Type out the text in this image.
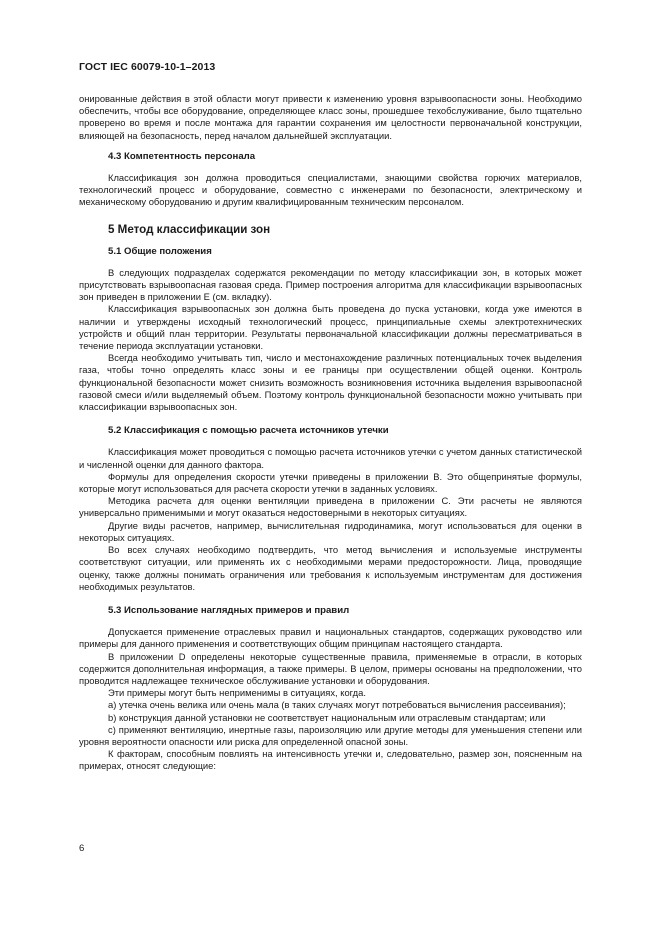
ГОСТ IEC 60079-10-1–2013

онированные действия в этой области могут привести к изменению уровня взрывоопасности зоны. Необходимо обеспечить, чтобы все оборудование, определяющее класс зоны, прошедшее техобслуживание, было тщательно проверено во время и после монтажа для гарантии сохранения им целостности первоначальной конструкции, влияющей на безопасность, перед началом дальнейшей эксплуатации.

4.3 Компетентность персонала

Классификация зон должна проводиться специалистами, знающими свойства горючих материалов, технологический процесс и оборудование, совместно с инженерами по безопасности, электрическому и механическому оборудованию и другим квалифицированным техническим персоналом.

5 Метод классификации зон
5.1 Общие положения

В следующих подразделах содержатся рекомендации по методу классификации зон, в которых может присутствовать взрывоопасная газовая среда. Пример построения алгоритма для классификации взрывоопасных зон приведен в приложении Е (см. вкладку).

Классификация взрывоопасных зон должна быть проведена до пуска установки, когда уже имеются в наличии и утверждены исходный технологический процесс, принципиальные схемы электротехнических устройств и общий план территории. Результаты первоначальной классификации должны пересматриваться в течение периода эксплуатации установки.

Всегда необходимо учитывать тип, число и местонахождение различных потенциальных точек выделения газа, чтобы точно определять класс зоны и ее границы при осуществлении общей оценки. Контроль функциональной безопасности может снизить возможность возникновения источника выделения взрывоопасной газовой смеси и/или выделяемый объем. Поэтому контроль функциональной безопасности можно учитывать при классификации взрывоопасных зон.

5.2 Классификация с помощью расчета источников утечки

Классификация может проводиться с помощью расчета источников утечки с учетом данных статистической и численной оценки для данного фактора.

Формулы для определения скорости утечки приведены в приложении В. Это общепринятые формулы, которые могут использоваться для расчета скорости утечки в заданных условиях.

Методика расчета для оценки вентиляции приведена в приложении С. Эти расчеты не являются универсально применимыми и могут оказаться недостоверными в некоторых ситуациях.

Другие виды расчетов, например, вычислительная гидродинамика, могут использоваться для оценки в некоторых ситуациях.

Во всех случаях необходимо подтвердить, что метод вычисления и используемые инструменты соответствуют ситуации, или применять их с необходимыми мерами предосторожности. Лица, проводящие оценку, также должны понимать ограничения или требования к используемым инструментам для достижения необходимых результатов.

5.3 Использование наглядных примеров и правил

Допускается применение отраслевых правил и национальных стандартов, содержащих руководство или примеры для данного применения и соответствующих общим принципам настоящего стандарта.

В приложении D определены некоторые существенные правила, применяемые в отрасли, в которых содержится дополнительная информация, а также примеры. В целом, примеры основаны на предположении, что проводится надлежащее техническое обслуживание установки и оборудования.

Эти примеры могут быть неприменимы в ситуациях, когда.

а) утечка очень велика или очень мала (в таких случаях могут потребоваться вычисления рассеивания);

b) конструкция данной установки не соответствует национальным или отраслевым стандартам; или

с) применяют вентиляцию, инертные газы, пароизоляцию или другие методы для уменьшения степени или уровня вероятности опасности или риска для определенной опасной зоны.

К факторам, способным повлиять на интенсивность утечки и, следовательно, размер зон, поясненным на примерах, относят следующие:

6
